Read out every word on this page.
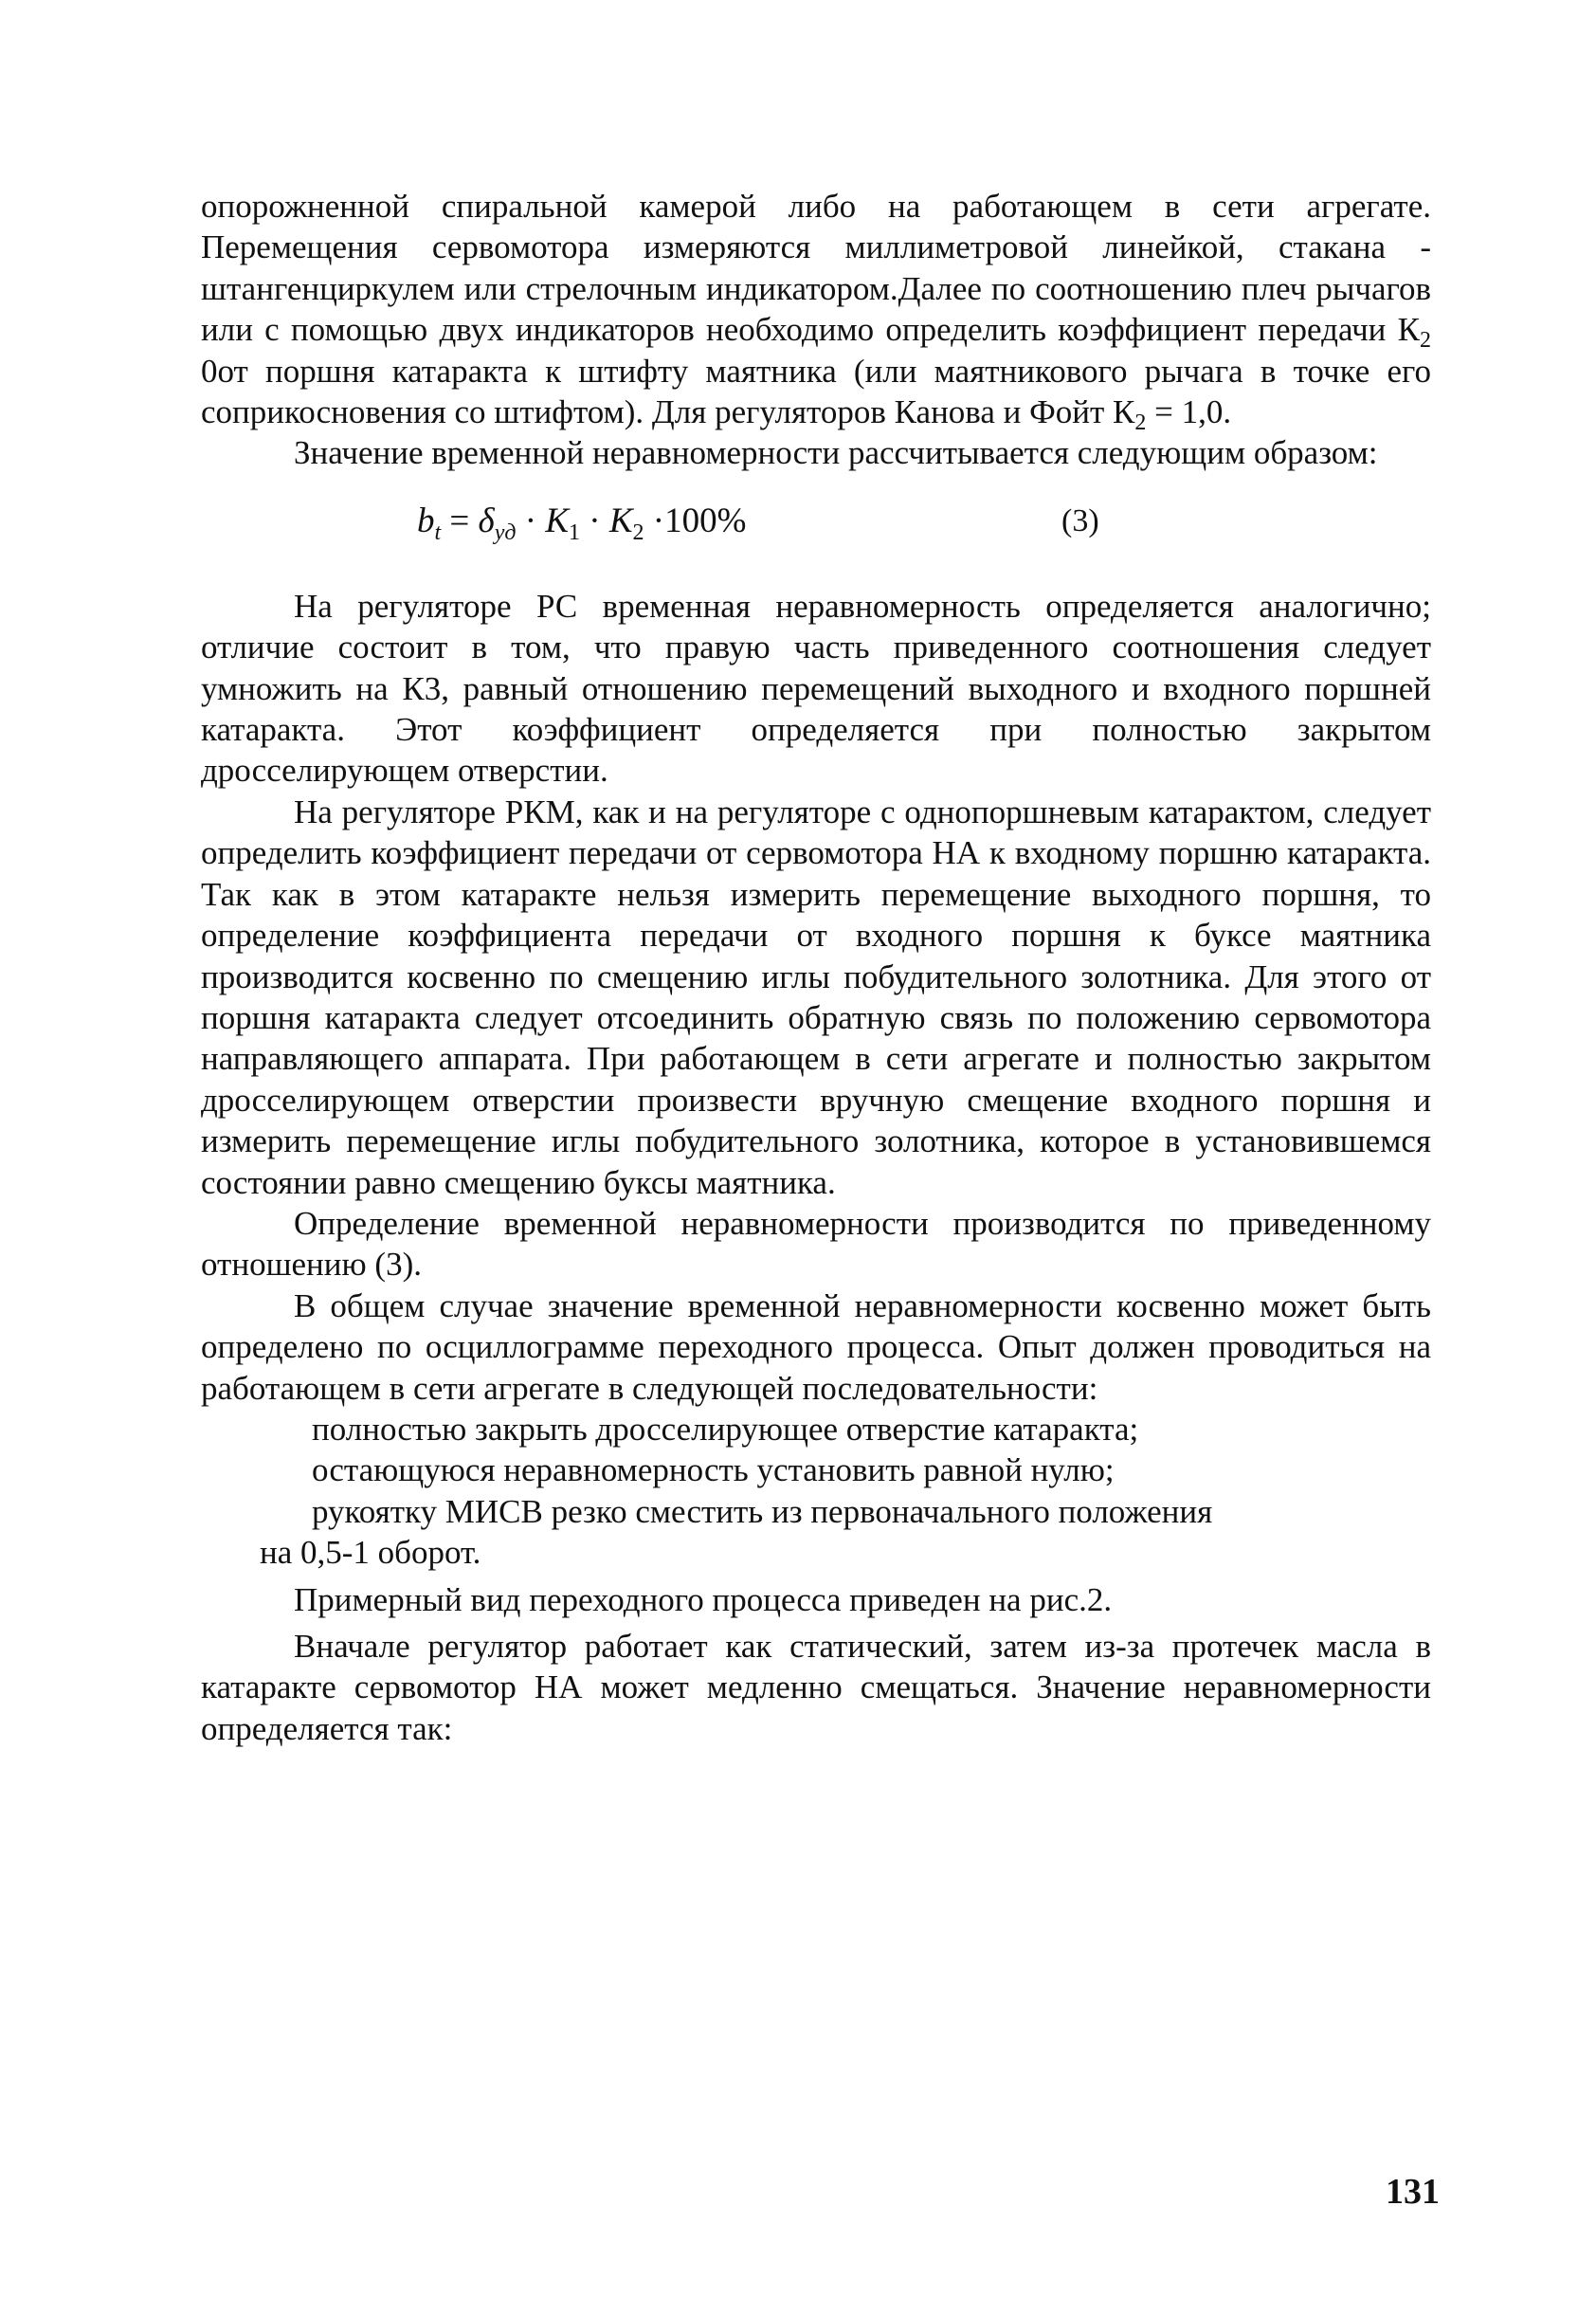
опорожненной спиральной камерой либо на работающем в сети агрегате. Перемещения сервомотора измеряются миллиметровой линейкой, стакана - штангенциркулем или стрелочным индикатором.Далее по соотношению плеч рычагов или с помощью двух индикаторов необходимо определить коэффициент передачи $К_2$ 0от поршня катаракта к штифту маятника (или маятникового рычага в точке его соприкосновения со штифтом). Для регуляторов Канова и Фойт $К_2 = 1,0$.

Значение временной неравномерности рассчитывается следующим образом:

$b_t = \delta_{уд} \cdot K_1 \cdot K_2 \cdot 100\%$	(3)

На регуляторе РС временная неравномерность определяется аналогично; отличие состоит в том, что правую часть приведенного соотношения следует умножить на К3, равный отношению перемещений выходного и входного поршней катаракта. Этот коэффициент определяется при полностью закрытом дросселирующем отверстии.

На регуляторе РКМ, как и на регуляторе с однопоршневым катарактом, следует определить коэффициент передачи от сервомотора НА к входному поршню катаракта. Так как в этом катаракте нельзя измерить перемещение выходного поршня, то определение коэффициента передачи от входного поршня к буксе маятника производится косвенно по смещению иглы побудительного золотника. Для этого от поршня катаракта следует отсоединить обратную связь по положению сервомотора направляющего аппарата. При работающем в сети агрегате и полностью закрытом дросселирующем отверстии произвести вручную смещение входного поршня и измерить перемещение иглы побудительного золотника, которое в установившемся состоянии равно смещению буксы маятника.

Определение временной неравномерности производится по приведенному отношению (3).

В общем случае значение временной неравномерности косвенно может быть определено по осциллограмме переходного процесса. Опыт должен проводиться на работающем в сети агрегате в следующей последовательности:

полностью закрыть дросселирующее отверстие катаракта;

остающуюся неравномерность установить равной нулю;

рукоятку МИСВ резко сместить из первоначального положения

на 0,5-1 оборот.

Примерный вид переходного процесса приведен на рис.2.

Вначале регулятор работает как статический, затем из-за протечек масла в катаракте сервомотор НА может медленно смещаться. Значение неравномерности определяется так:

131
